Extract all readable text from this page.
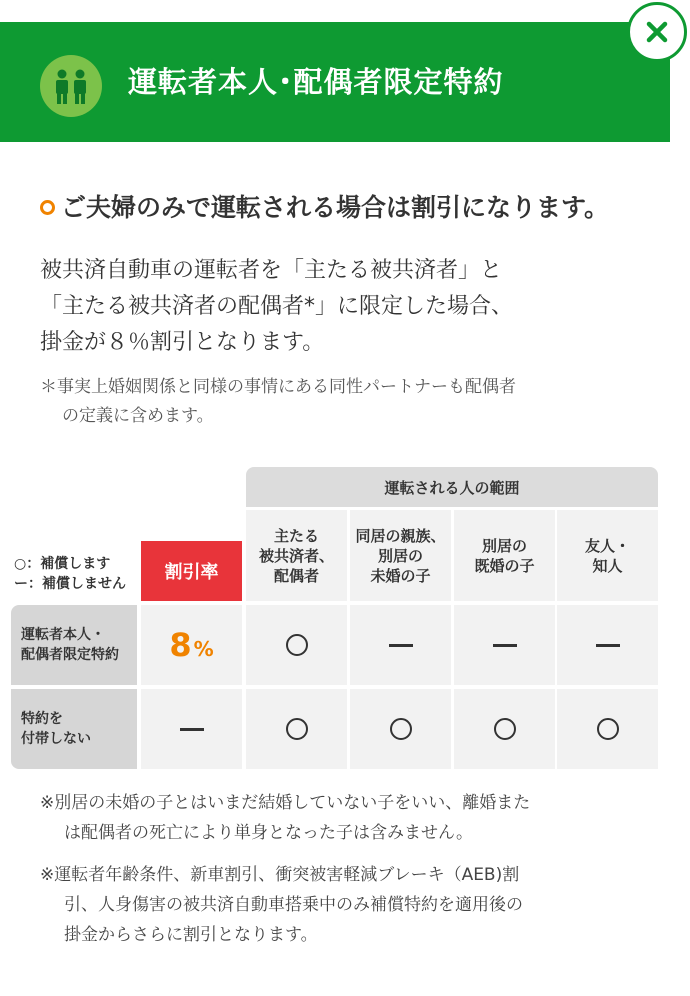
運転者本人･配偶者限定特約
ご夫婦のみで運転される場合は割引になります。
被共済自動車の運転者を「主たる被共済者」と
「主たる被共済者の配偶者*」に限定した場合、
掛金が８％割引となります。
＊事実上婚姻関係と同様の事情にある同性パートナーも配偶者
の定義に含めます。
運転される人の範囲
○：補償します
ー：補償しません
割引率
主たる
被共済者、
配偶者
同居の親族、
別居の
未婚の子
別居の
既婚の子
友人・
知人
運転者本人・
配偶者限定特約 8 %
特約を
付帯しない
※別居の未婚の子とはいまだ結婚していない子をいい、離婚また
は配偶者の死亡により単身となった子は含みません。
※運転者年齢条件、新車割引、衝突被害軽減ブレーキ（AEB)割
引、人身傷害の被共済自動車搭乗中のみ補償特約を適用後の
掛金からさらに割引となります。
